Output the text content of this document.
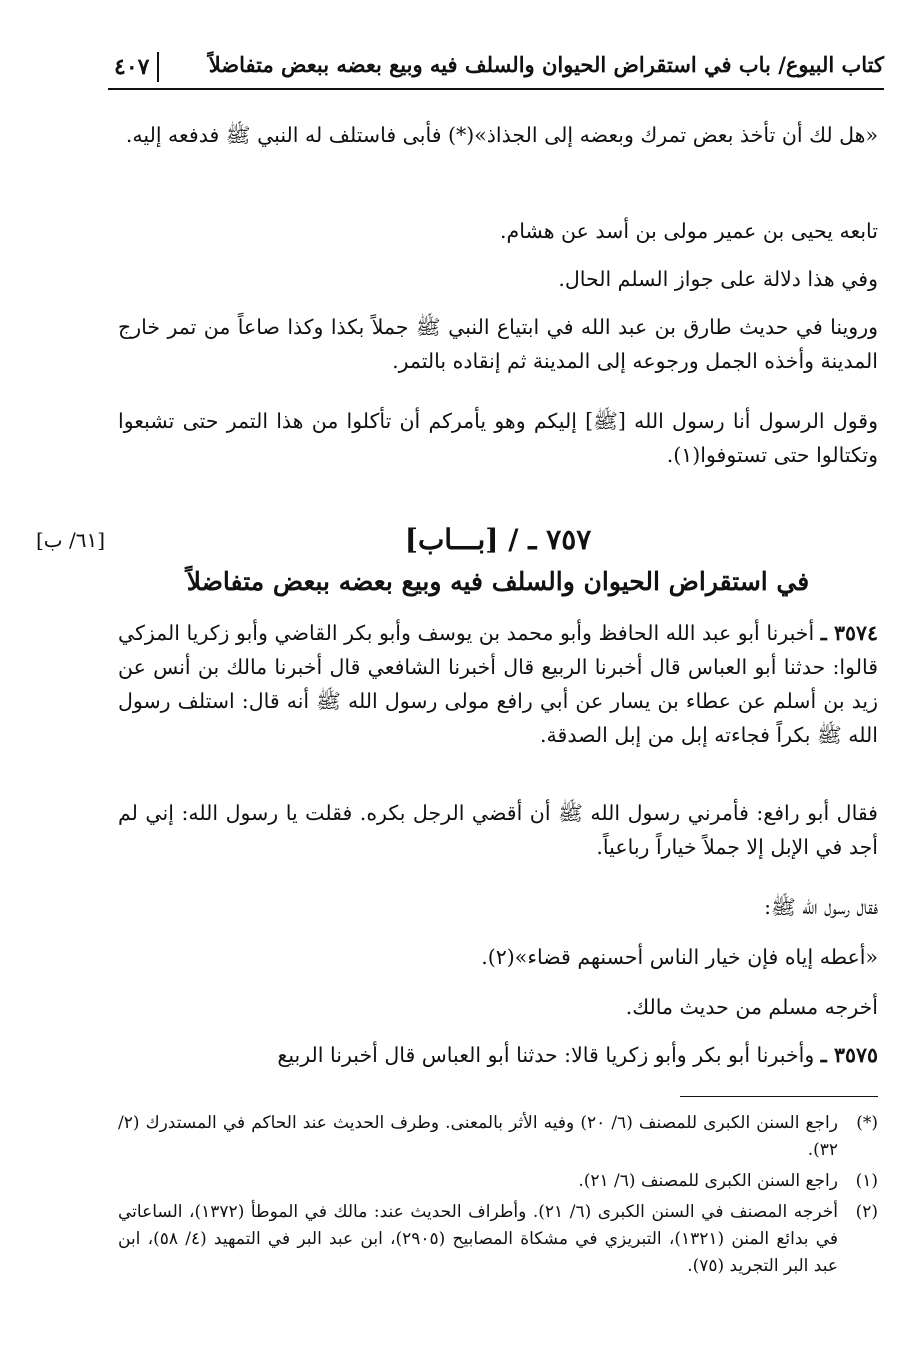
كتاب البيوع/ باب في استقراض الحيوان والسلف فيه وبيع بعضه ببعض متفاضلاً
٤٠٧

«هل لك أن تأخذ بعض تمرك وبعضه إلى الجذاذ»(*) فأبى فاستلف له النبي ﷺ فدفعه إليه.

تابعه يحيى بن عمير مولى بن أسد عن هشام.

وفي هذا دلالة على جواز السلم الحال.

وروينا في حديث طارق بن عبد الله في ابتياع النبي ﷺ جملاً بكذا وكذا صاعاً من تمر خارج المدينة وأخذه الجمل ورجوعه إلى المدينة ثم إنقاده بالتمر.

وقول الرسول أنا رسول الله [ﷺ] إليكم وهو يأمركم أن تأكلوا من هذا التمر حتى تشبعوا وتكتالوا حتى تستوفوا(١).

[٦١/ ب]	٧٥٧ ـ / [بـــاب]
في استقراض الحيوان والسلف فيه وبيع بعضه ببعض متفاضلاً

٣٥٧٤ ـ أخبرنا أبو عبد الله الحافظ وأبو محمد بن يوسف وأبو بكر القاضي وأبو زكريا المزكي قالوا: حدثنا أبو العباس قال أخبرنا الربيع قال أخبرنا الشافعي قال أخبرنا مالك بن أنس عن زيد بن أسلم عن عطاء بن يسار عن أبي رافع مولى رسول الله ﷺ أنه قال: استلف رسول الله ﷺ بكراً فجاءته إبل من إبل الصدقة.

فقال أبو رافع: فأمرني رسول الله ﷺ أن أقضي الرجل بكره. فقلت يا رسول الله: إني لم أجد في الإبل إلا جملاً خياراً رباعياً.

فقال رسول الله ﷺ:

«أعطه إياه فإن خيار الناس أحسنهم قضاء»(٢).

أخرجه مسلم من حديث مالك.

٣٥٧٥ ـ وأخبرنا أبو بكر وأبو زكريا قالا: حدثنا أبو العباس قال أخبرنا الربيع

(*)
راجع السنن الكبرى للمصنف (٦/ ٢٠) وفيه الأثر بالمعنى. وطرف الحديث عند الحاكم في المستدرك (٢/ ٣٢).
(١)
راجع السنن الكبرى للمصنف (٦/ ٢١).
(٢)
أخرجه المصنف في السنن الكبرى (٦/ ٢١). وأطراف الحديث عند: مالك في الموطأ (١٣٧٢)، الساعاتي في بدائع المنن (١٣٢١)، التبريزي في مشكاة المصابيح (٢٩٠٥)، ابن عبد البر في التمهيد (٤/ ٥٨)، ابن عبد البر التجريد (٧٥).
